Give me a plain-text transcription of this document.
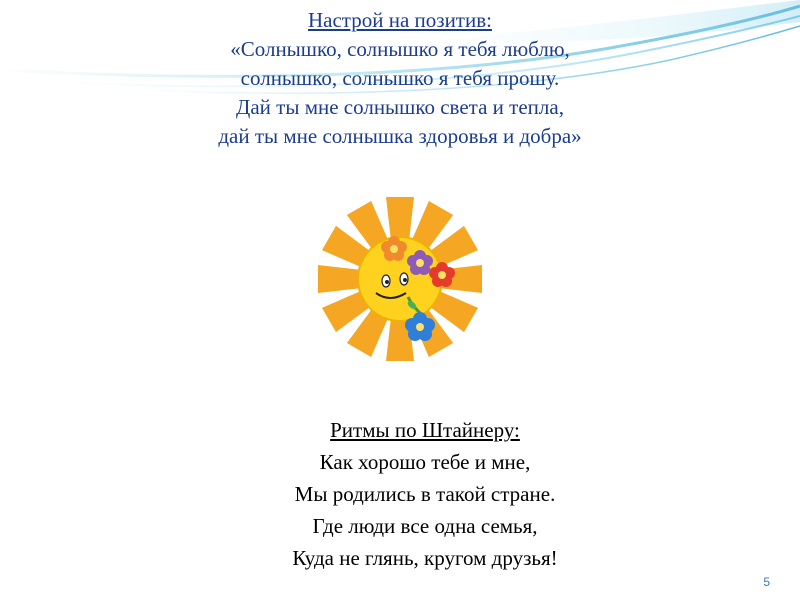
Настрой на позитив:
«Солнышко, солнышко я тебя люблю,
солнышко, солнышко я тебя прошу.
Дай ты мне солнышко света и тепла,
дай ты мне солнышка здоровья и добра»
Ритмы по Штайнеру:
Как хорошо тебе и мне,
Мы родились в такой стране.
Где люди все одна семья,
Куда не глянь, кругом друзья!
5
